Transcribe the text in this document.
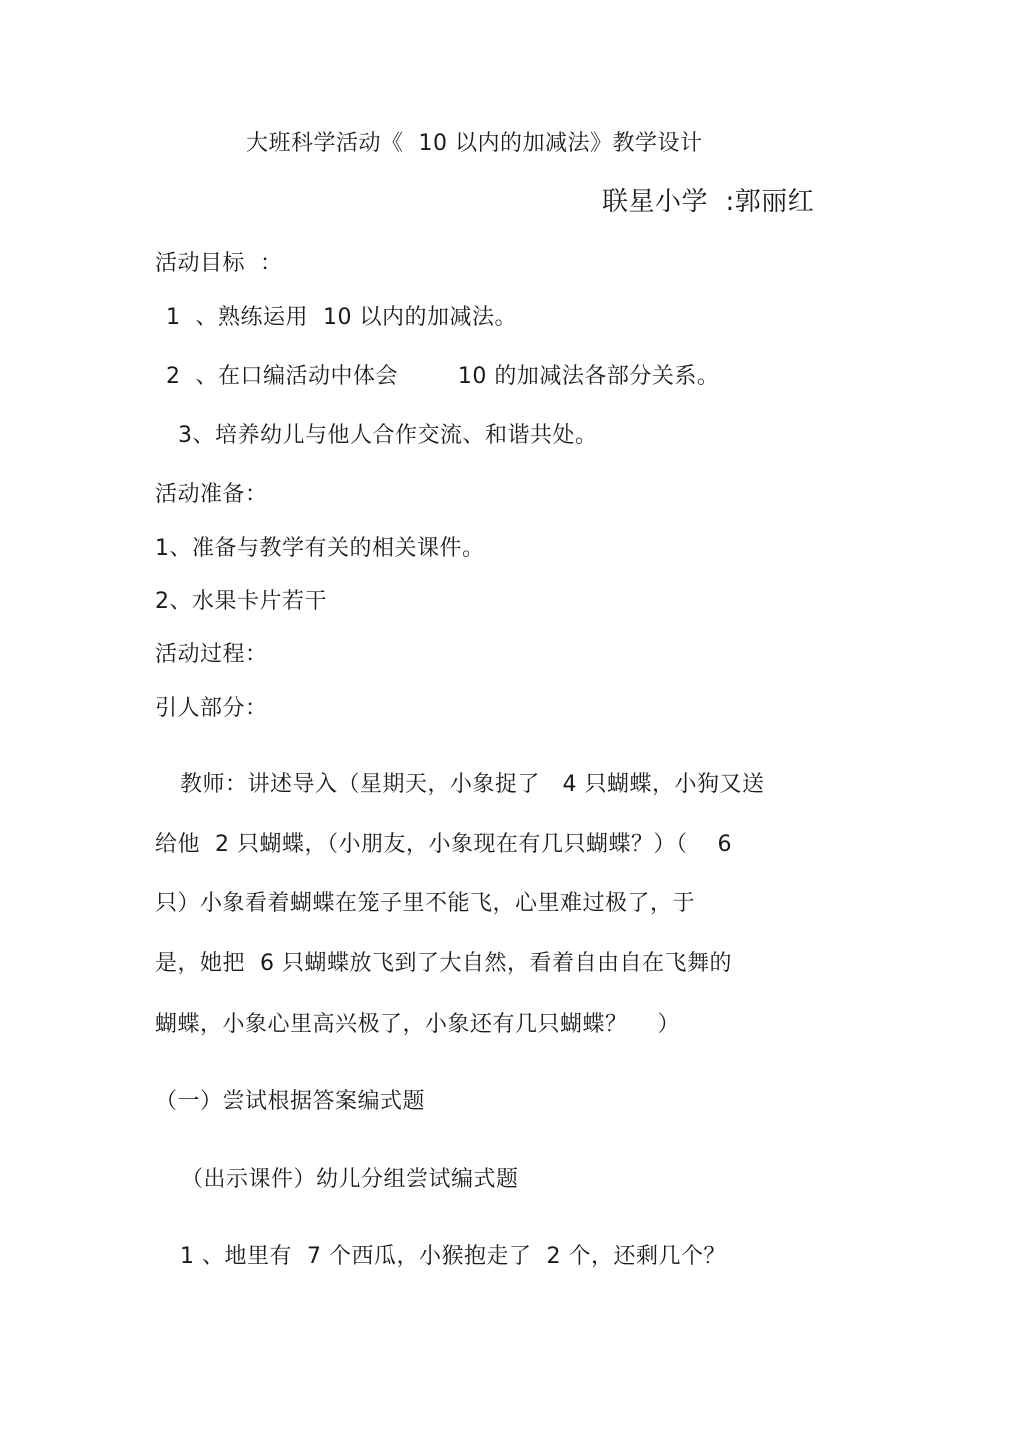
大班科学活动《  10 以内的加减法》教学设计
联星小学  :郭丽红
活动目标  ：
1  、熟练运用  10 以内的加减法。
2  、在口编活动中体会        10 的加减法各部分关系。
3、培养幼儿与他人合作交流、和谐共处。
活动准备：
1、准备与教学有关的相关课件。
2、水果卡片若干
活动过程：
引人部分：
教师：讲述导入（星期天，小象捉了   4 只蝴蝶，小狗又送
给他  2 只蝴蝶，（小朋友，小象现在有几只蝴蝶？）（    6
只）小象看着蝴蝶在笼子里不能飞，心里难过极了，于
是，她把  6 只蝴蝶放飞到了大自然，看着自由自在飞舞的
蝴蝶，小象心里高兴极了，小象还有几只蝴蝶？    ）
（一）尝试根据答案编式题
（出示课件）幼儿分组尝试编式题
1 、地里有  7 个西瓜，小猴抱走了  2 个，还剩几个？
